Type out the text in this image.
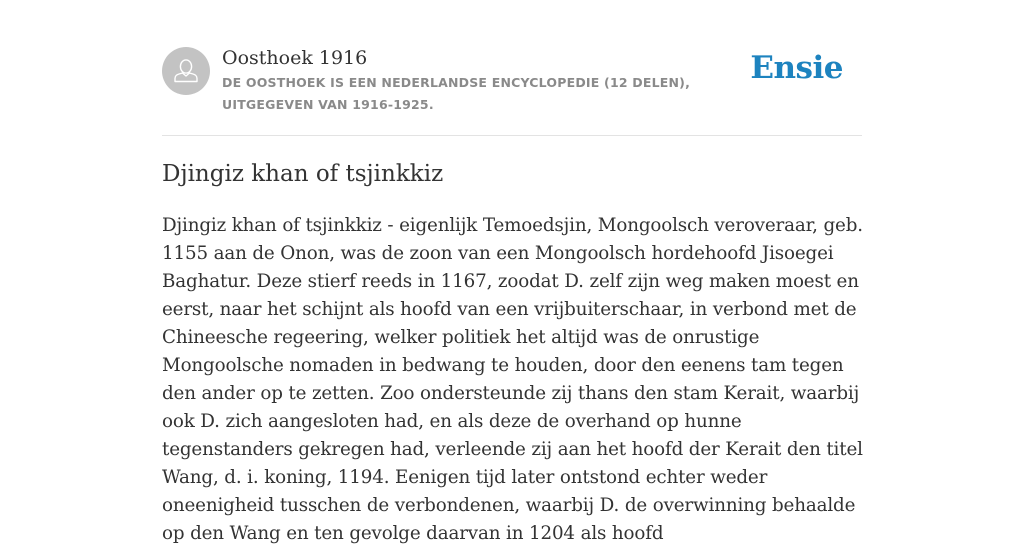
Oosthoek 1916

DE OOSTHOEK IS EEN NEDERLANDSE ENCYCLOPEDIE (12 DELEN), UITGEGEVEN VAN 1916-1925.

Ensie
Djingiz khan of tsjinkkiz

Djingiz khan of tsjinkkiz - eigenlijk Temoedsjin, Mongoolsch veroveraar, geb. 1155 aan de Onon, was de zoon van een Mongoolsch hordehoofd Jisoegei Baghatur. Deze stierf reeds in 1167, zoodat D. zelf zijn weg maken moest en eerst, naar het schijnt als hoofd van een vrijbuiterschaar, in verbond met de Chineesche regeering, welker politiek het altijd was de onrustige Mongoolsche nomaden in bedwang te houden, door den eenens tam tegen den ander op te zetten. Zoo ondersteunde zij thans den stam Kerait, waarbij ook D. zich aangesloten had, en als deze de overhand op hunne tegenstanders gekregen had, verleende zij aan het hoofd der Kerait den titel Wang, d. i. koning, 1194. Eenigen tijd later ontstond echter weder oneenigheid tusschen de verbondenen, waarbij D. de overwinning behaalde op den Wang en ten gevolge daarvan in 1204 als hoofd
